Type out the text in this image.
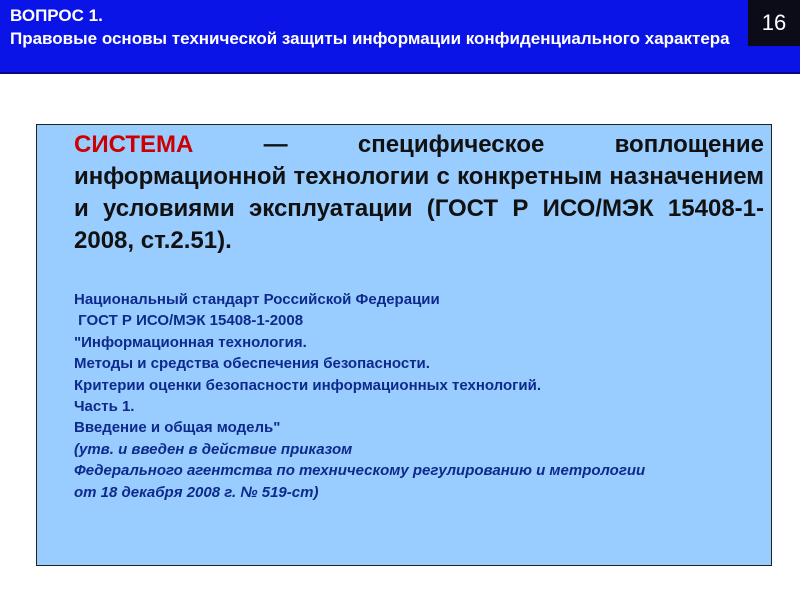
ВОПРОС 1.
Правовые основы технической защиты информации конфиденциального характера
16

СИСТЕМА — специфическое воплощение информационной технологии с конкретным назначением и условиями эксплуатации (ГОСТ Р ИСО/МЭК 15408-1-2008, ст.2.51).

Национальный стандарт Российской Федерации
ГОСТ Р ИСО/МЭК 15408-1-2008
"Информационная технология.
Методы и средства обеспечения безопасности.
Критерии оценки безопасности информационных технологий.
Часть 1.
Введение и общая модель"
(утв. и введен в действие приказом
Федерального агентства по техническому регулированию и метрологии
от 18 декабря 2008 г. № 519-ст)
